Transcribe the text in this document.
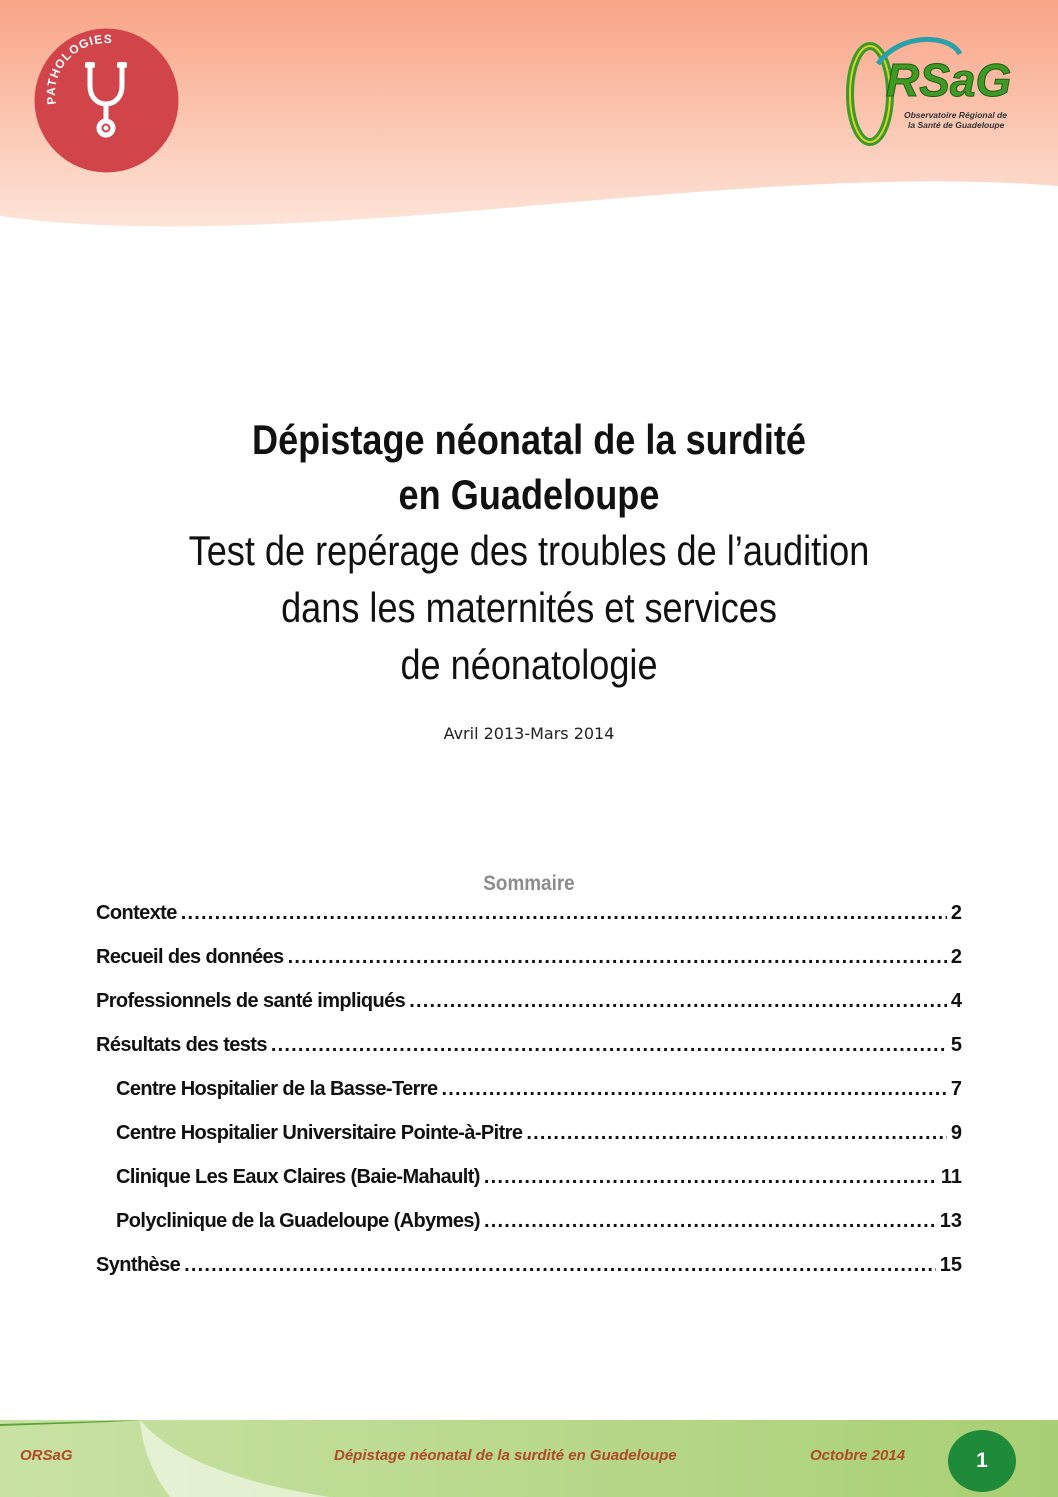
PATHOLOGIES
RSaG
Observatoire Régional de
la Santé de Guadeloupe
Dépistage néonatal de la surdité
en Guadeloupe
Test de repérage des troubles de l’audition
dans les maternités et services
de néonatologie
Avril 2013-Mars 2014
Sommaire
Contexte .....	2
Recueil des données .....	2
Professionnels de santé impliqués .....	4
Résultats des tests .....	5
Centre Hospitalier de la Basse-Terre .....	7
Centre Hospitalier Universitaire Pointe-à-Pitre .....	9
Clinique Les Eaux Claires (Baie-Mahault) .....	11
Polyclinique de la Guadeloupe (Abymes) .....	13
Synthèse .....	15
ORSaG	Dépistage néonatal de la surdité en Guadeloupe	Octobre 2014	1
